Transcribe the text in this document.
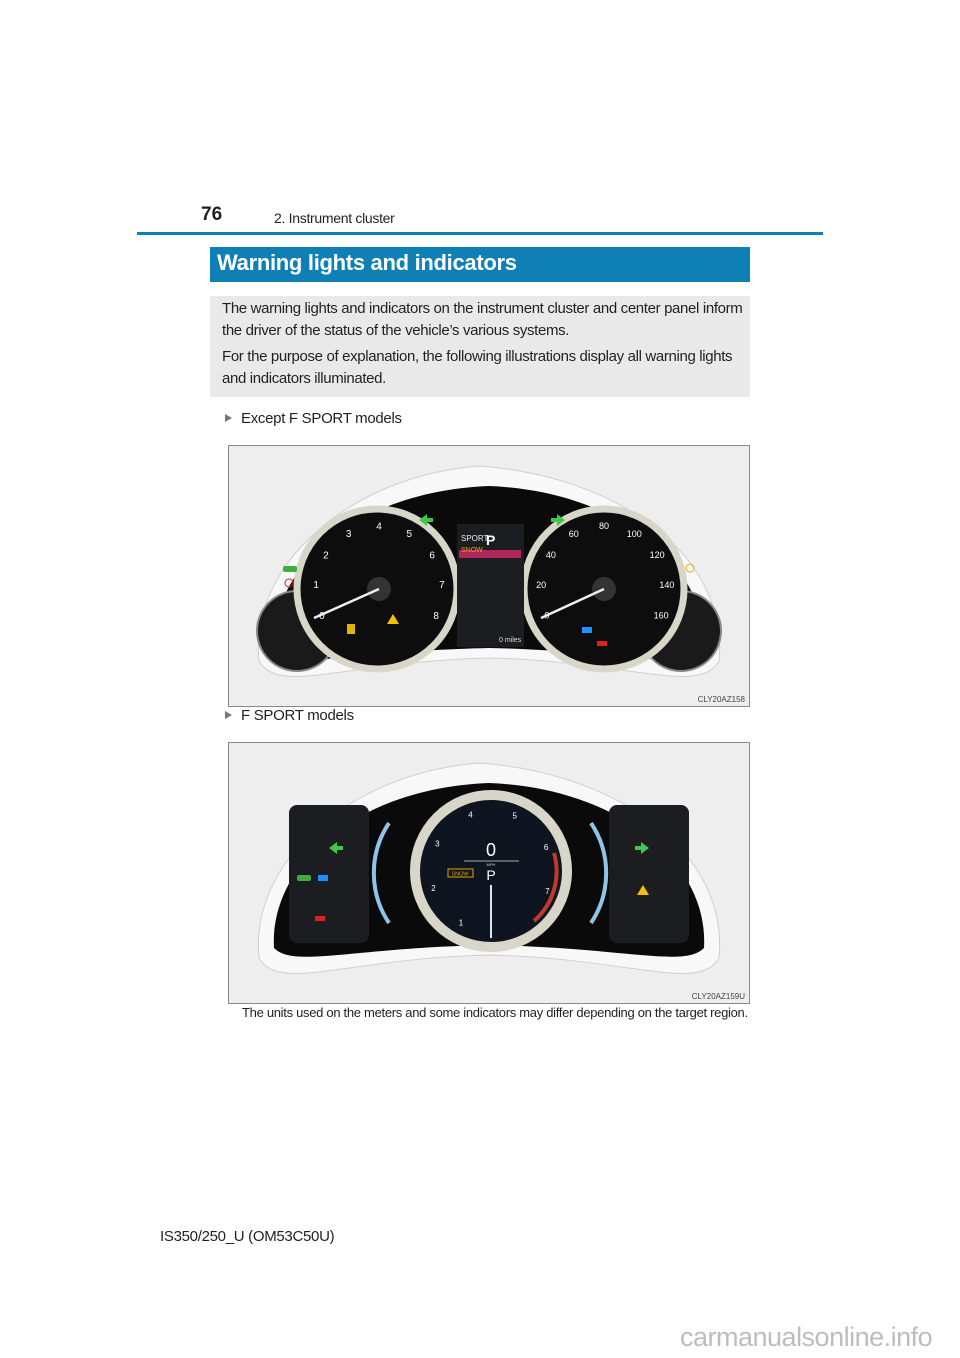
76	2. Instrument cluster
Warning lights and indicators

The warning lights and indicators on the instrument cluster and center panel inform the driver of the status of the vehicle’s various systems.

For the purpose of explanation, the following illustrations display all warning lights and indicators illuminated.

Except F SPORT models
0
1
2
3
4
5
6
7
8	0
20
40
60
80
100
120
140
160
SPORT
SNOW
P
0 miles
CLY20AZ158
F SPORT models
1
2
3
4	5
6
7
0
MPH
P
SNOW
CLY20AZ159U
The units used on the meters and some indicators may differ depending on the target region.
IS350/250_U (OM53C50U)
carmanualsonline.info
